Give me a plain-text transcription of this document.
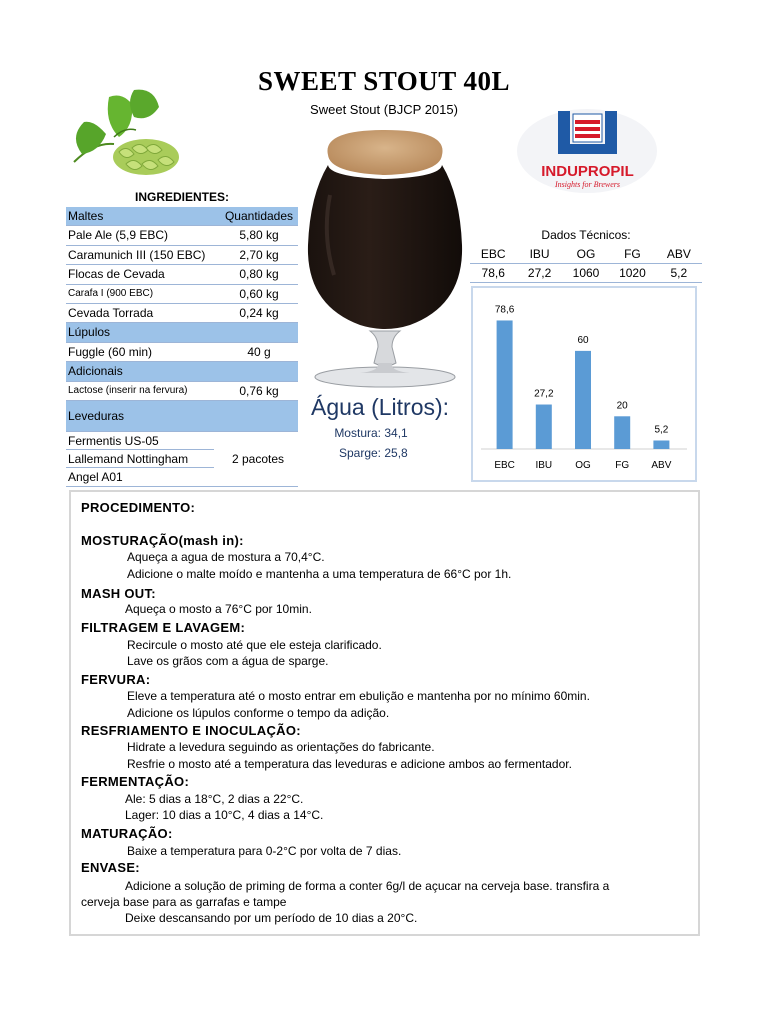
SWEET STOUT 40L
Sweet Stout (BJCP 2015)
INDUPROPIL
Insights for Brewers
INGREDIENTES:
Maltes	Quantidades
Pale Ale (5,9 EBC)	5,80 kg
Caramunich III (150 EBC)	2,70 kg
Flocas de Cevada	0,80 kg
Carafa I (900 EBC)	0,60 kg
Cevada Torrada	0,24 kg
Lúpulos
Fuggle (60 min)	40 g
Adicionais
Lactose (inserir na fervura)	0,76 kg
Leveduras
Fermentis US-05
Lallemand Nottingham
Angel A01
2 pacotes
Água (Litros):
Mostura: 34,1
Sparge: 25,8
Dados Técnicos:
EBC	IBU	OG	FG	ABV
78,6	27,2	1060	1020	5,2
78,6
EBC
27,2
IBU
60
OG
20
FG
5,2
ABV
PROCEDIMENTO:
MOSTURAÇÃO(mash in):
Aqueça a agua de mostura a 70,4°C.
Adicione o malte moído e mantenha a uma temperatura de 66°C por 1h.
MASH OUT:
Aqueça o mosto a 76°C por 10min.
FILTRAGEM E LAVAGEM:
Recircule o mosto até que ele esteja clarificado.
Lave os grãos com a água de sparge.
FERVURA:
Eleve a temperatura até o mosto entrar em ebulição e mantenha por no mínimo 60min.
Adicione os lúpulos conforme o tempo da adição.
RESFRIAMENTO E INOCULAÇÃO:
Hidrate a levedura seguindo as orientações do fabricante.
Resfrie o mosto até a temperatura das leveduras e adicione ambos ao fermentador.
FERMENTAÇÃO:
Ale: 5 dias a 18°C, 2 dias a 22°C.
Lager: 10 dias a 10°C, 4 dias a 14°C.
MATURAÇÃO:
Baixe a temperatura para 0-2°C por volta de 7 dias.
ENVASE:
Adicione a solução de priming de forma a conter 6g/l de açucar na cerveja base. transfira a
cerveja base para as garrafas e tampe
Deixe descansando por um período de 10 dias a 20°C.
